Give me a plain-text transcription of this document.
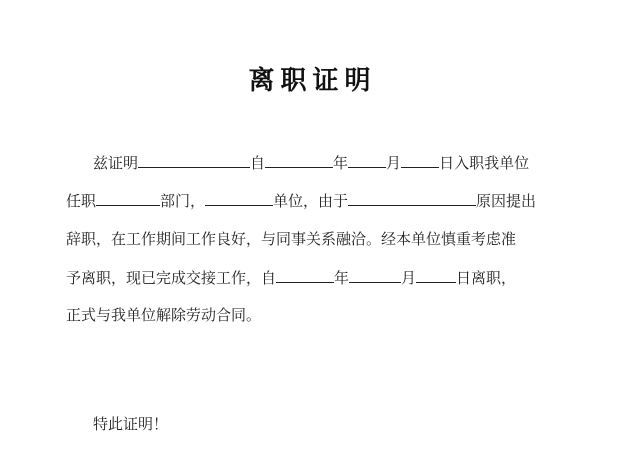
离职证明
兹证明	自	年	月	日入职我单位
任职	部门，	单位，由于	原因提出
辞职，在工作期间工作良好，与同事关系融洽。经本单位慎重考虑准
予离职，现已完成交接工作，自	年	月	日离职，
正式与我单位解除劳动合同。
特此证明！
